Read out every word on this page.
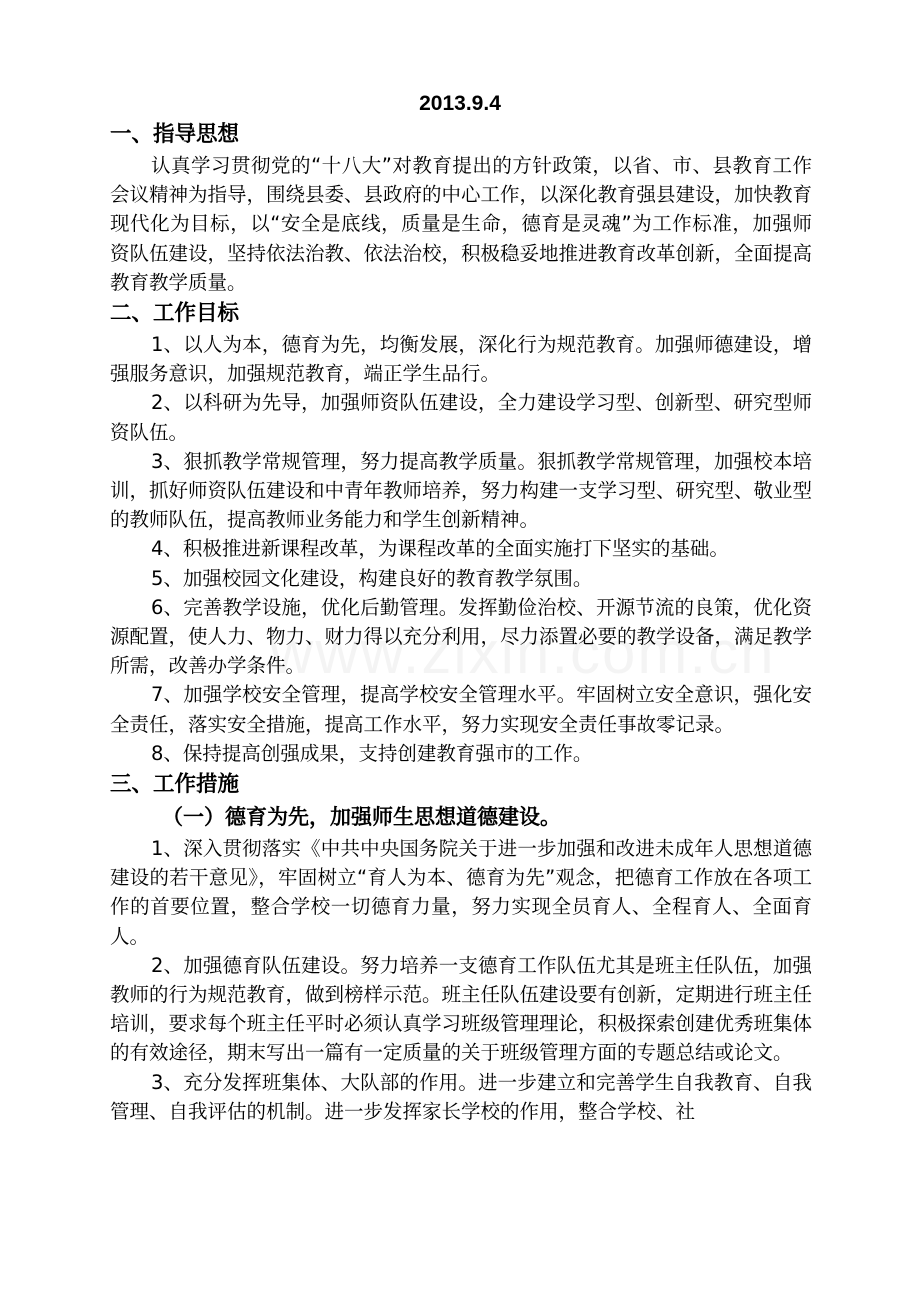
2013.9.4
一、指导思想

认真学习贯彻党的“十八大”对教育提出的方针政策，以省、市、县教育工作会议精神为指导，围绕县委、县政府的中心工作，以深化教育强县建设，加快教育现代化为目标，以“安全是底线，质量是生命，德育是灵魂”为工作标准，加强师资队伍建设，坚持依法治教、依法治校，积极稳妥地推进教育改革创新，全面提高教育教学质量。

二、工作目标

1、以人为本，德育为先，均衡发展，深化行为规范教育。加强师德建设，增强服务意识，加强规范教育，端正学生品行。

2、以科研为先导，加强师资队伍建设，全力建设学习型、创新型、研究型师资队伍。

3、狠抓教学常规管理，努力提高教学质量。狠抓教学常规管理，加强校本培训，抓好师资队伍建设和中青年教师培养，努力构建一支学习型、研究型、敬业型的教师队伍，提高教师业务能力和学生创新精神。

4、积极推进新课程改革，为课程改革的全面实施打下坚实的基础。

5、加强校园文化建设，构建良好的教育教学氛围。

6、完善教学设施，优化后勤管理。发挥勤俭治校、开源节流的良策，优化资源配置，使人力、物力、财力得以充分利用，尽力添置必要的教学设备，满足教学所需，改善办学条件。

7、加强学校安全管理，提高学校安全管理水平。牢固树立安全意识，强化安全责任，落实安全措施，提高工作水平，努力实现安全责任事故零记录。

8、保持提高创强成果，支持创建教育强市的工作。

三、工作措施
（一）德育为先，加强师生思想道德建设。

1、深入贯彻落实《中共中央国务院关于进一步加强和改进未成年人思想道德建设的若干意见》，牢固树立“育人为本、德育为先”观念，把德育工作放在各项工作的首要位置，整合学校一切德育力量，努力实现全员育人、全程育人、全面育人。

2、加强德育队伍建设。努力培养一支德育工作队伍尤其是班主任队伍，加强教师的行为规范教育，做到榜样示范。班主任队伍建设要有创新，定期进行班主任培训，要求每个班主任平时必须认真学习班级管理理论，积极探索创建优秀班集体的有效途径，期末写出一篇有一定质量的关于班级管理方面的专题总结或论文。

3、充分发挥班集体、大队部的作用。进一步建立和完善学生自我教育、自我管理、自我评估的机制。进一步发挥家长学校的作用，整合学校、社
